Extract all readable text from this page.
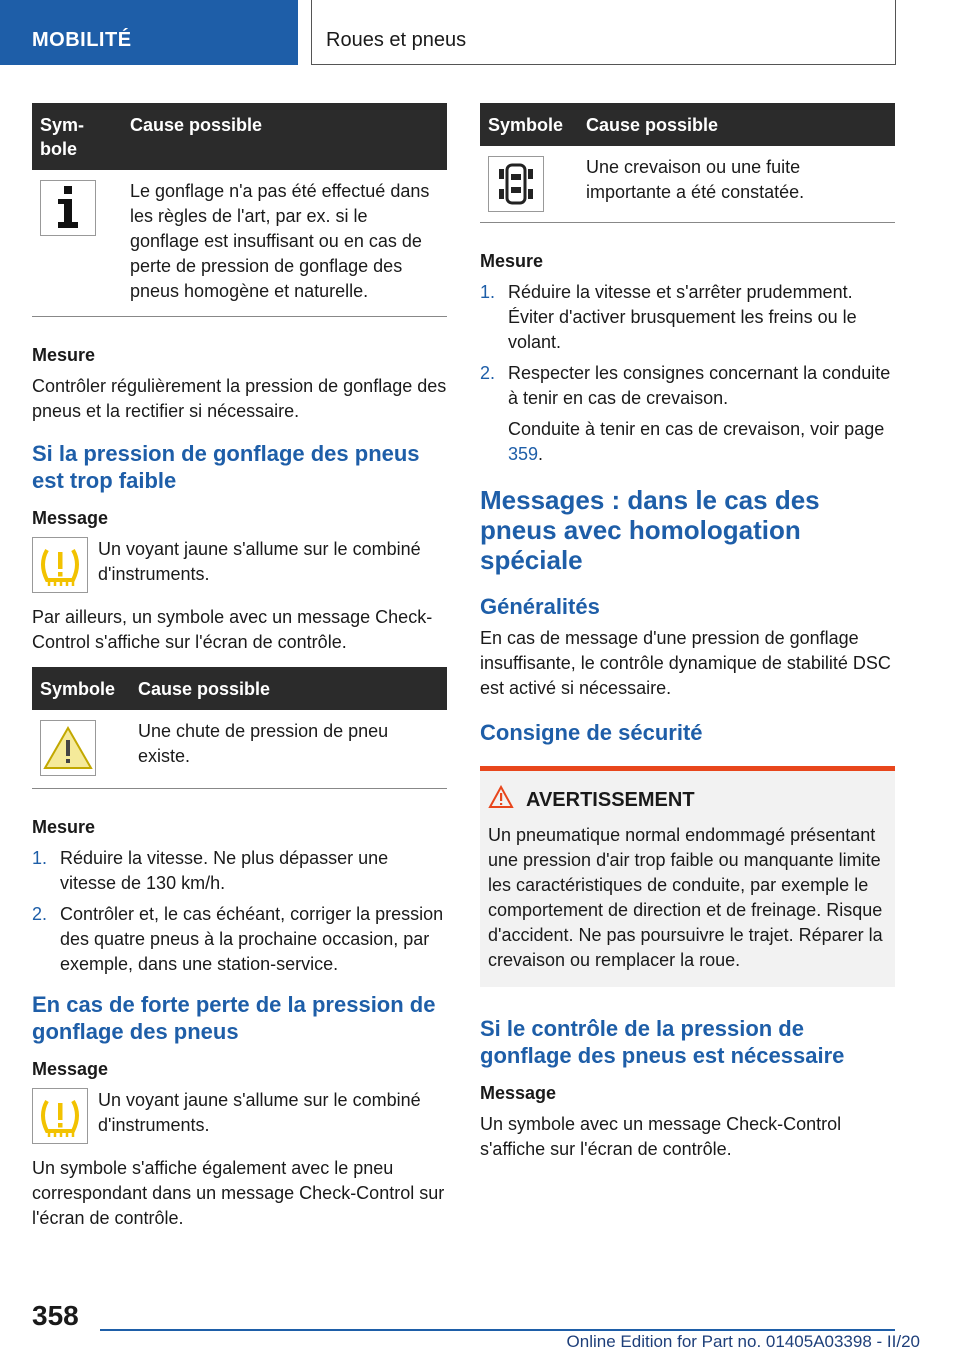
MOBILITÉ	Roues et pneus
Sym-
bole	Cause possible

	Le gonflage n'a pas été effectué dans les règles de l'art, par ex. si le gonflage est insuffisant ou en cas de perte de pression de gonflage des pneus homogène et naturelle.
Mesure
Contrôler régulièrement la pression de gonflage des pneus et la rectifier si nécessaire.
Si la pression de gonflage des pneus est trop faible
Message
Un voyant jaune s'allume sur le combiné d'instruments.
Par ailleurs, un symbole avec un message Check-Control s'affiche sur l'écran de contrôle.
Symbole	Cause possible

	Une chute de pression de pneu existe.
Mesure
1. Réduire la vitesse. Ne plus dépasser une vitesse de 130 km/h.
2. Contrôler et, le cas échéant, corriger la pression des quatre pneus à la prochaine occasion, par exemple, dans une station-service.
En cas de forte perte de la pression de gonflage des pneus
Message
Un voyant jaune s'allume sur le combiné d'instruments.
Un symbole s'affiche également avec le pneu correspondant dans un message Check-Control sur l'écran de contrôle.
Symbole	Cause possible

	Une crevaison ou une fuite importante a été constatée.
Mesure
1. Réduire la vitesse et s'arrêter prudemment. Éviter d'activer brusquement les freins ou le volant.
2. Respecter les consignes concernant la conduite à tenir en cas de crevaison.
Conduite à tenir en cas de crevaison, voir page 359.
Messages : dans le cas des pneus avec homologation spéciale
Généralités
En cas de message d'une pression de gonflage insuffisante, le contrôle dynamique de stabilité DSC est activé si nécessaire.
Consigne de sécurité
AVERTISSEMENT
Un pneumatique normal endommagé présentant une pression d'air trop faible ou manquante limite les caractéristiques de conduite, par exemple le comportement de direction et de freinage. Risque d'accident. Ne pas poursuivre le trajet. Réparer la crevaison ou remplacer la roue.
Si le contrôle de la pression de gonflage des pneus est nécessaire
Message
Un symbole avec un message Check-Control s'affiche sur l'écran de contrôle.
358
Online Edition for Part no. 01405A03398 - II/20
